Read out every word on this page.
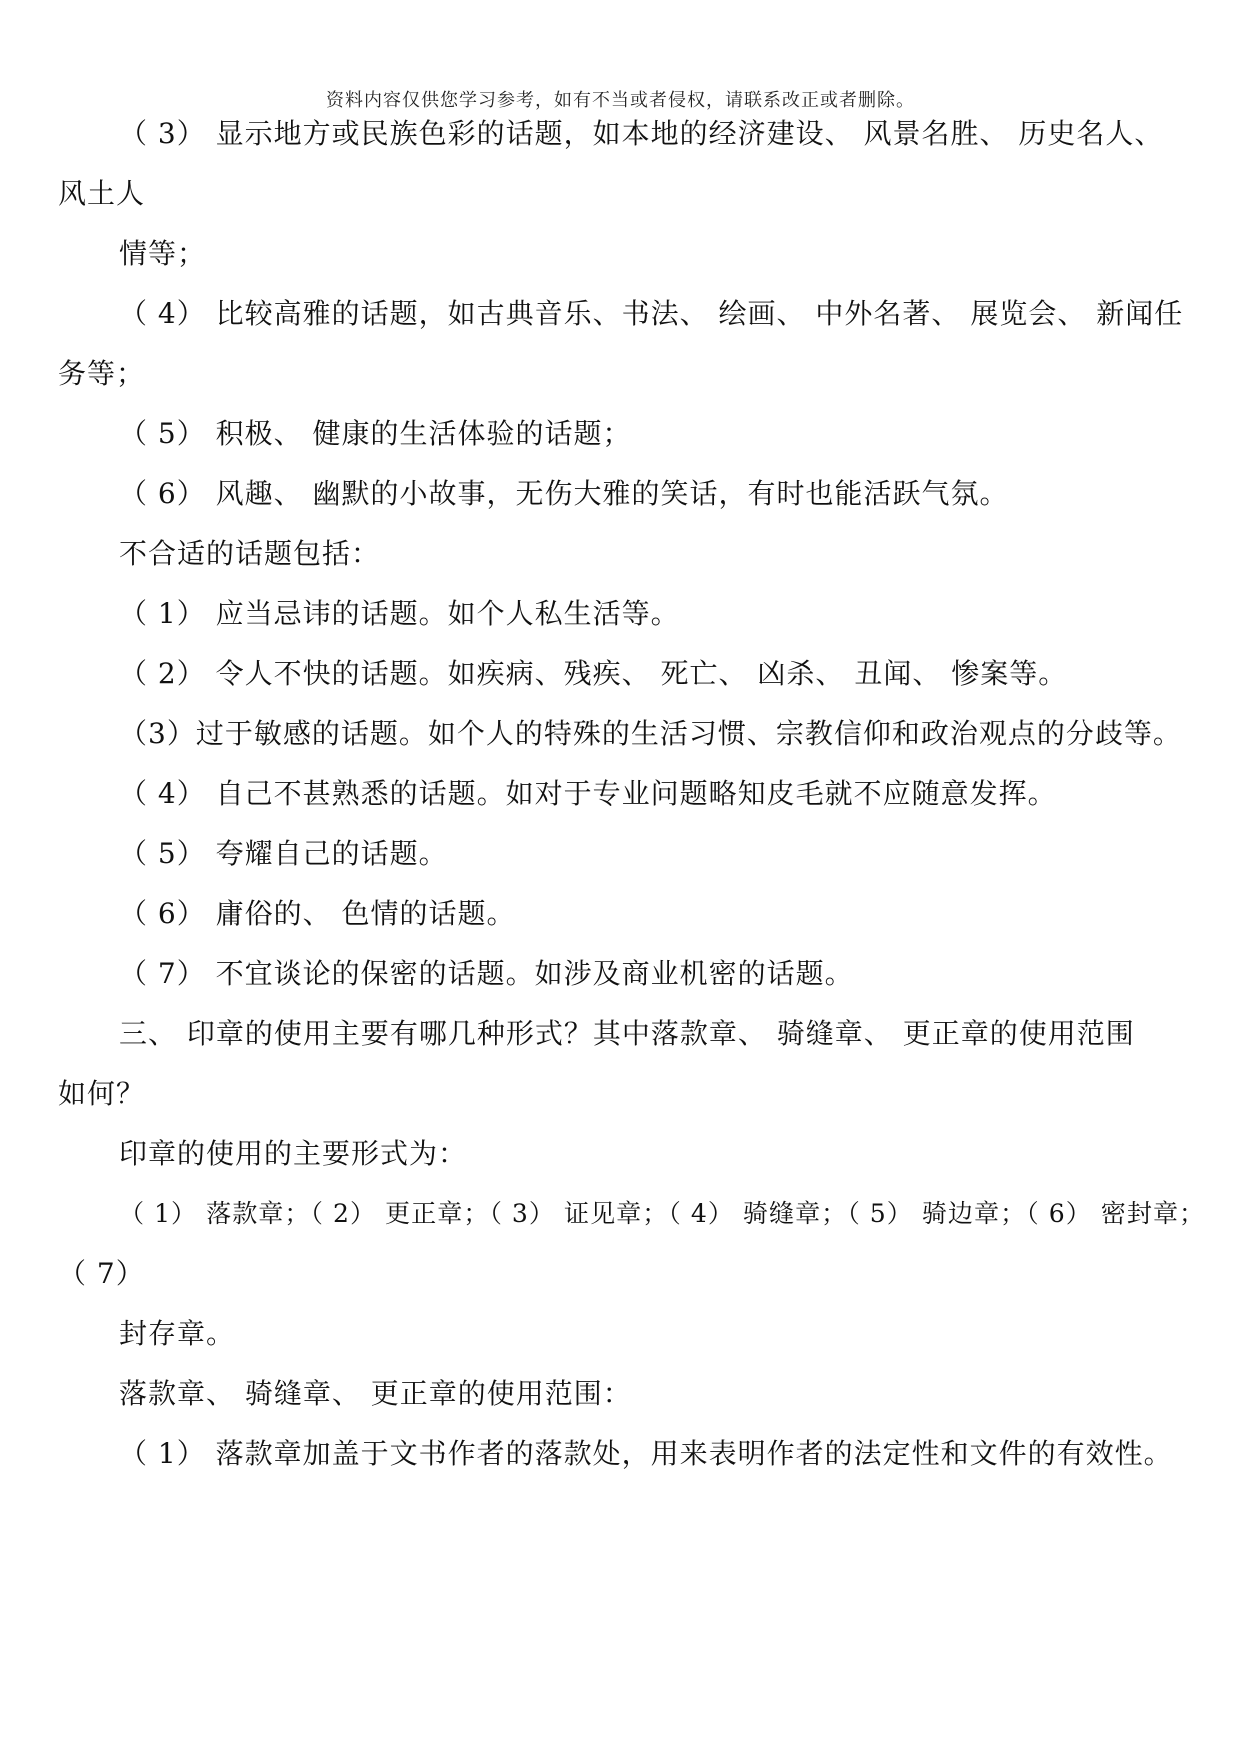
资料内容仅供您学习参考，如有不当或者侵权，请联系改正或者删除。
（ 3） 显示地方或民族色彩的话题，如本地的经济建设、 风景名胜、 历史名人、
风土人
情等；
（ 4） 比较高雅的话题，如古典音乐、书法、 绘画、 中外名著、 展览会、 新闻任
务等；
（ 5） 积极、 健康的生活体验的话题；
（ 6） 风趣、 幽默的小故事，无伤大雅的笑话，有时也能活跃气氛。
不合适的话题包括：
（ 1） 应当忌讳的话题。如个人私生活等。
（ 2） 令人不快的话题。如疾病、残疾、 死亡、 凶杀、 丑闻、 惨案等。
（3）过于敏感的话题。如个人的特殊的生活习惯、宗教信仰和政治观点的分歧等。
（ 4） 自己不甚熟悉的话题。如对于专业问题略知皮毛就不应随意发挥。
（ 5） 夸耀自己的话题。
（ 6） 庸俗的、 色情的话题。
（ 7） 不宜谈论的保密的话题。如涉及商业机密的话题。
三、 印章的使用主要有哪几种形式？其中落款章、 骑缝章、 更正章的使用范围
如何？
印章的使用的主要形式为：
（ 1） 落款章；（ 2） 更正章；（ 3） 证见章；（ 4） 骑缝章；（ 5） 骑边章；（ 6） 密封章；
（ 7）
封存章。
落款章、 骑缝章、 更正章的使用范围：
（ 1） 落款章加盖于文书作者的落款处，用来表明作者的法定性和文件的有效性。
